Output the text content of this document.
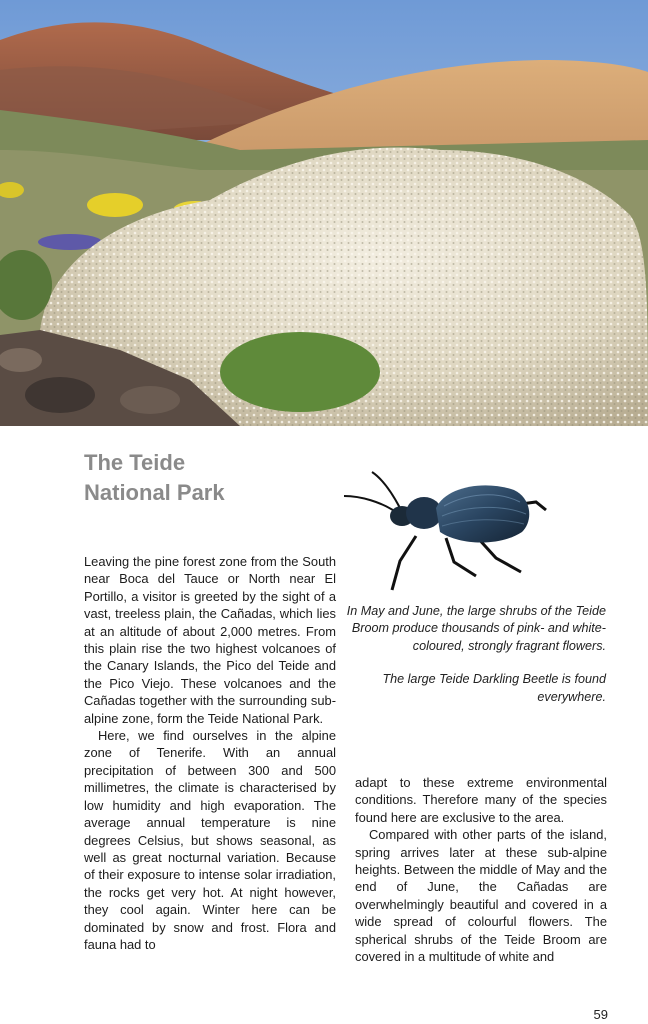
The Teide
National Park

In May and June, the large shrubs of the Teide Broom produce thousands of pink- and white-coloured, strongly fragrant flowers.

The large Teide Darkling Beetle is found everywhere.

Leaving the pine forest zone from the South near Boca del Tauce or North near El Portillo, a visitor is greeted by the sight of a vast, treeless plain, the Cañadas, which lies at an altitude of about 2,000 metres. From this plain rise the two highest volcanoes of the Canary Islands, the Pico del Teide and the Pico Viejo. These volcanoes and the Cañadas together with the surrounding sub-alpine zone, form the Teide National Park.

Here, we find ourselves in the alpine zone of Tenerife. With an annual precipitation of between 300 and 500 millimetres, the climate is characterised by low humidity and high evaporation. The average annual temperature is nine degrees Celsius, but shows seasonal, as well as great nocturnal variation. Because of their exposure to intense solar irradiation, the rocks get very hot. At night however, they cool again. Winter here can be dominated by snow and frost. Flora and fauna had to

adapt to these extreme environmental conditions. Therefore many of the species found here are exclusive to the area.

Compared with other parts of the island, spring arrives later at these sub-alpine heights. Between the middle of May and the end of June, the Cañadas are overwhelmingly beautiful and covered in a wide spread of colourful flowers. The spherical shrubs of the Teide Broom are covered in a multitude of white and

59
